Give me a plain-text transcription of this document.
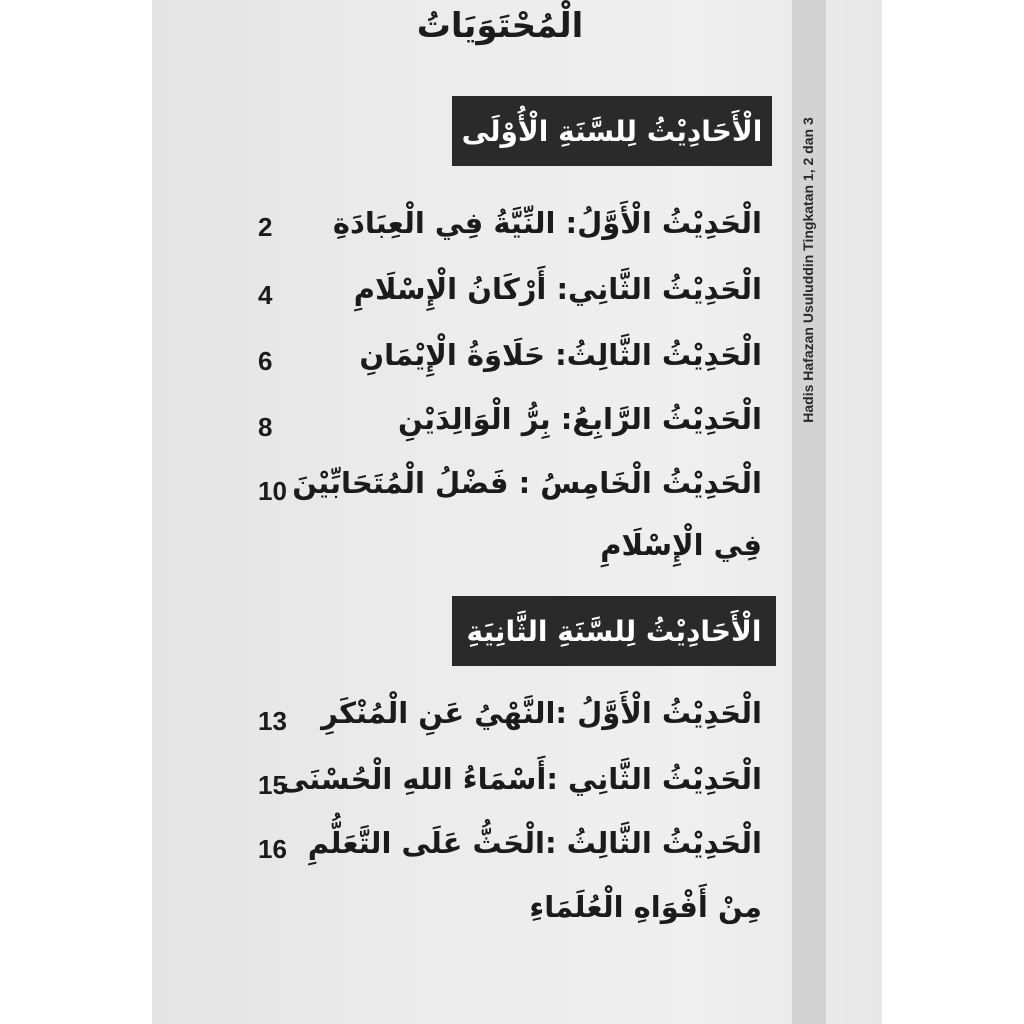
Hadis Hafazan Usuluddin Tingkatan 1, 2 dan 3
الْمُحْتَوَيَاتُ
الْأَحَادِيْثُ لِلسَّنَةِ الْأُوْلَى
الْحَدِيْثُ الْأَوَّلُ: النِّيَّةُ فِي الْعِبَادَةِ
2
الْحَدِيْثُ الثَّانِي: أَرْكَانُ الْإِسْلَامِ
4
الْحَدِيْثُ الثَّالِثُ: حَلَاوَةُ الْإِيْمَانِ
6
الْحَدِيْثُ الرَّابِعُ: بِرُّ الْوَالِدَيْنِ
8
الْحَدِيْثُ الْخَامِسُ : فَضْلُ الْمُتَحَابِّيْنَ
10
فِي الْإِسْلَامِ
الْأَحَادِيْثُ لِلسَّنَةِ الثَّانِيَةِ
الْحَدِيْثُ الْأَوَّلُ :النَّهْيُ عَنِ الْمُنْكَرِ
13
الْحَدِيْثُ الثَّانِي :أَسْمَاءُ اللهِ الْحُسْنَى
15
الْحَدِيْثُ الثَّالِثُ :الْحَثُّ عَلَى التَّعَلُّمِ
16
مِنْ أَفْوَاهِ الْعُلَمَاءِ
